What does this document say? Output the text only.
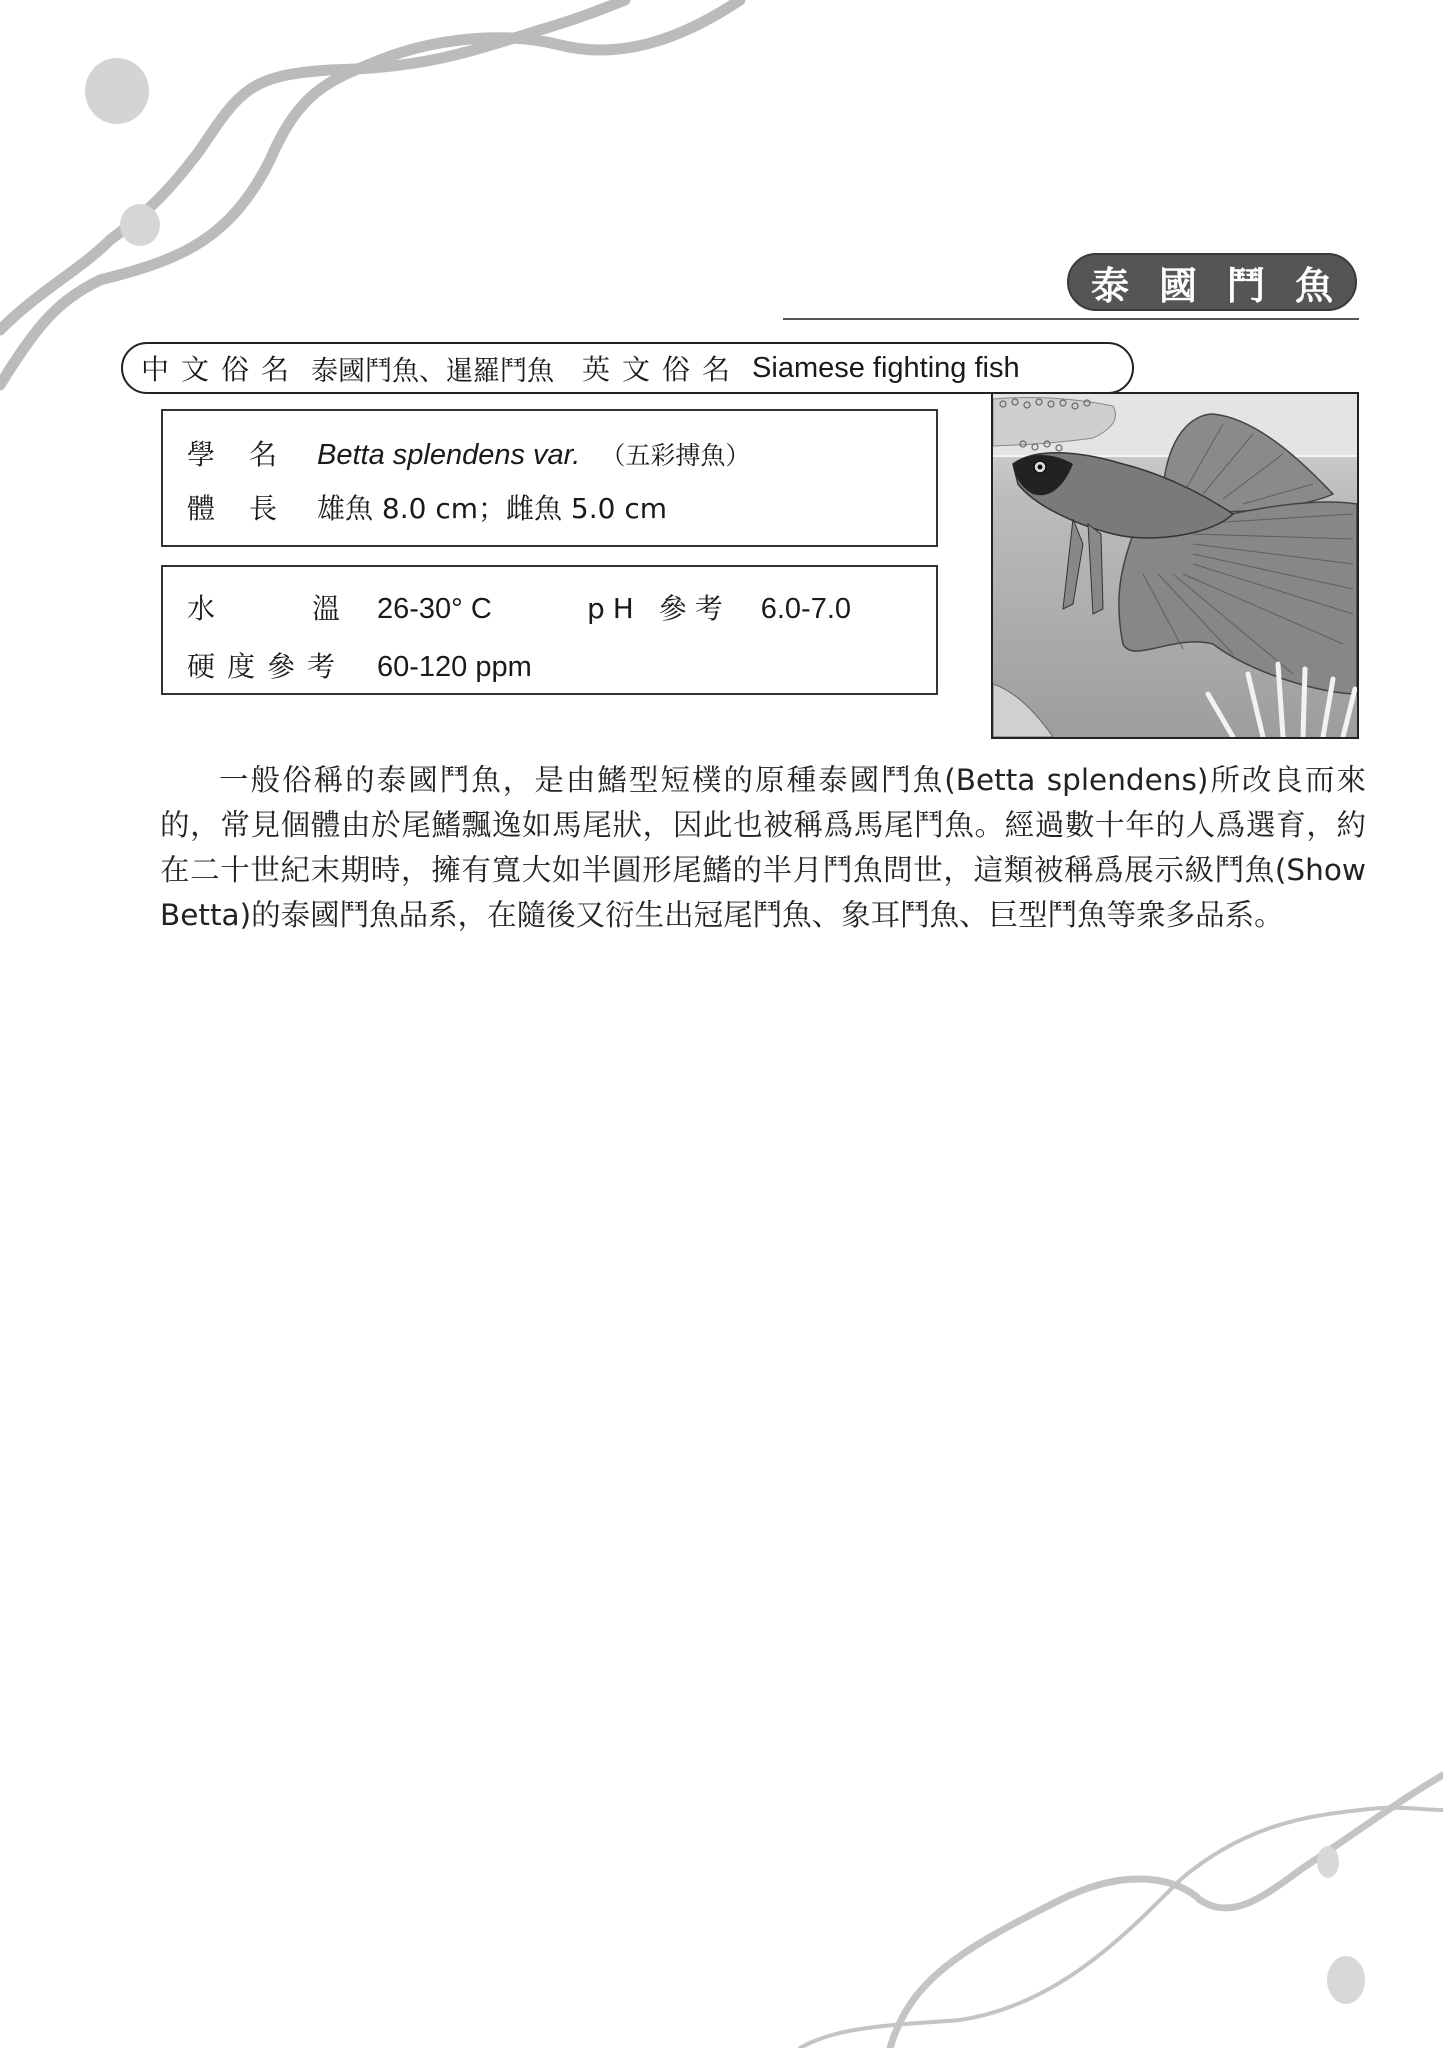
泰國鬥魚
中文俗名 泰國鬥魚、暹羅鬥魚 英文俗名 Siamese fighting fish
學名 Betta splendens var. （五彩搏魚）
體長 雄魚 8.0 cm；雌魚 5.0 cm
水	溫	26-30° C	pH 參考 6.0-7.0
硬度參考	60-120 ppm
一般俗稱的泰國鬥魚，是由鰭型短樸的原種泰國鬥魚(Betta splendens)所改良而來的，常見個體由於尾鰭飄逸如馬尾狀，因此也被稱爲馬尾鬥魚。經過數十年的人爲選育，約在二十世紀末期時，擁有寬大如半圓形尾鰭的半月鬥魚問世，這類被稱爲展示級鬥魚(Show Betta)的泰國鬥魚品系，在隨後又衍生出冠尾鬥魚、象耳鬥魚、巨型鬥魚等衆多品系。
